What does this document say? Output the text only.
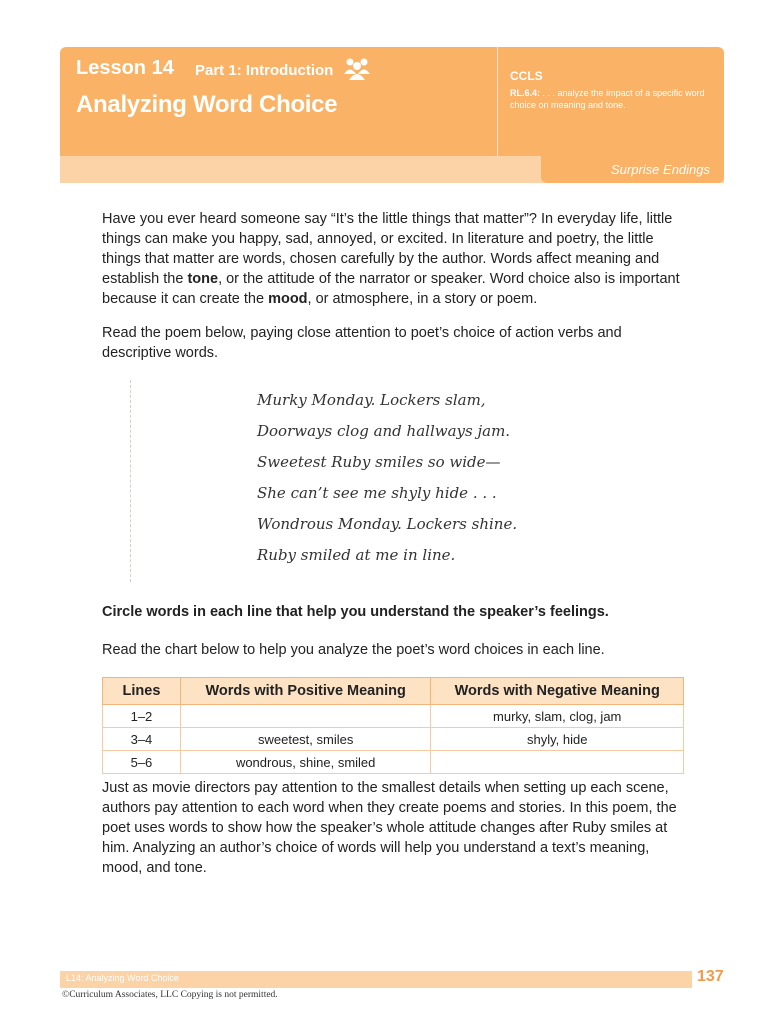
Lesson 14 Part 1: Introduction
Analyzing Word Choice
CCLS
RL.6.4: . . . analyze the impact of a specific word choice on meaning and tone.
Surprise Endings
Have you ever heard someone say “It’s the little things that matter”? In everyday life, little things can make you happy, sad, annoyed, or excited. In literature and poetry, the little things that matter are words, chosen carefully by the author. Words affect meaning and establish the tone, or the attitude of the narrator or speaker. Word choice also is important because it can create the mood, or atmosphere, in a story or poem.
Read the poem below, paying close attention to poet’s choice of action verbs and descriptive words.
Murky Monday. Lockers slam,
Doorways clog and hallways jam.
Sweetest Ruby smiles so wide—
She can’t see me shyly hide . . .
Wondrous Monday. Lockers shine.
Ruby smiled at me in line.
Circle words in each line that help you understand the speaker’s feelings.
Read the chart below to help you analyze the poet’s word choices in each line.
Lines	Words with Positive Meaning	Words with Negative Meaning
1–2		murky, slam, clog, jam
3–4	sweetest, smiles	shyly, hide
5–6	wondrous, shine, smiled	
Just as movie directors pay attention to the smallest details when setting up each scene, authors pay attention to each word when they create poems and stories. In this poem, the poet uses words to show how the speaker’s whole attitude changes after Ruby smiles at him. Analyzing an author’s choice of words will help you understand a text’s meaning, mood, and tone.
L14: Analyzing Word Choice	137
©Curriculum Associates, LLC Copying is not permitted.
